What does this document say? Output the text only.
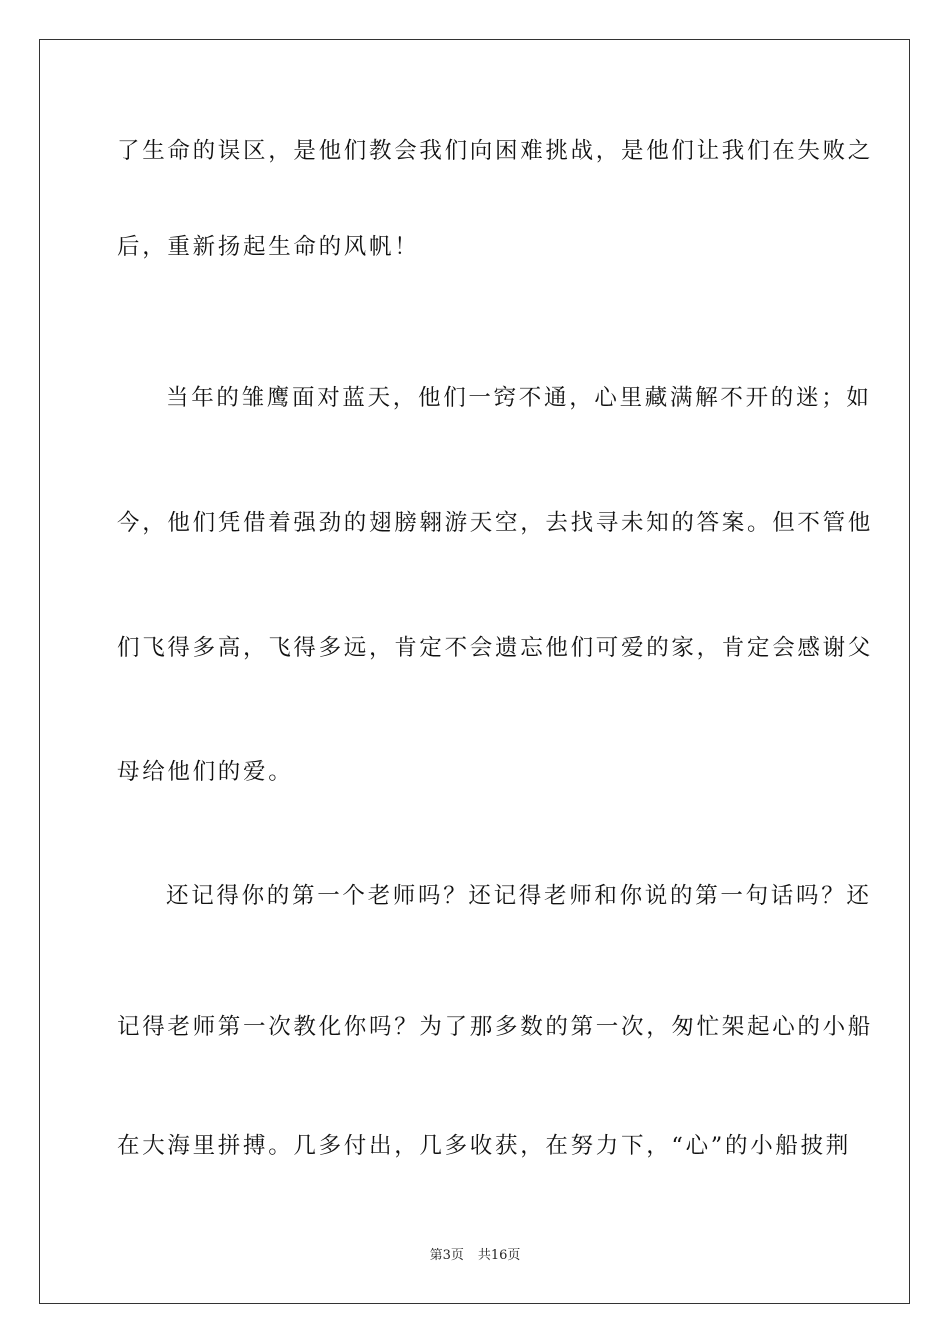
了生命的误区，是他们教会我们向困难挑战，是他们让我们在失败之
后，重新扬起生命的风帆！
当年的雏鹰面对蓝天，他们一窍不通，心里藏满解不开的迷；如
今，他们凭借着强劲的翅膀翱游天空，去找寻未知的答案。但不管他
们飞得多高，飞得多远，肯定不会遗忘他们可爱的家，肯定会感谢父
母给他们的爱。
还记得你的第一个老师吗？还记得老师和你说的第一句话吗？还
记得老师第一次教化你吗？为了那多数的第一次，匆忙架起心的小船
在大海里拼搏。几多付出，几多收获，在努力下，“心”的小船披荆
第3页 共16页
